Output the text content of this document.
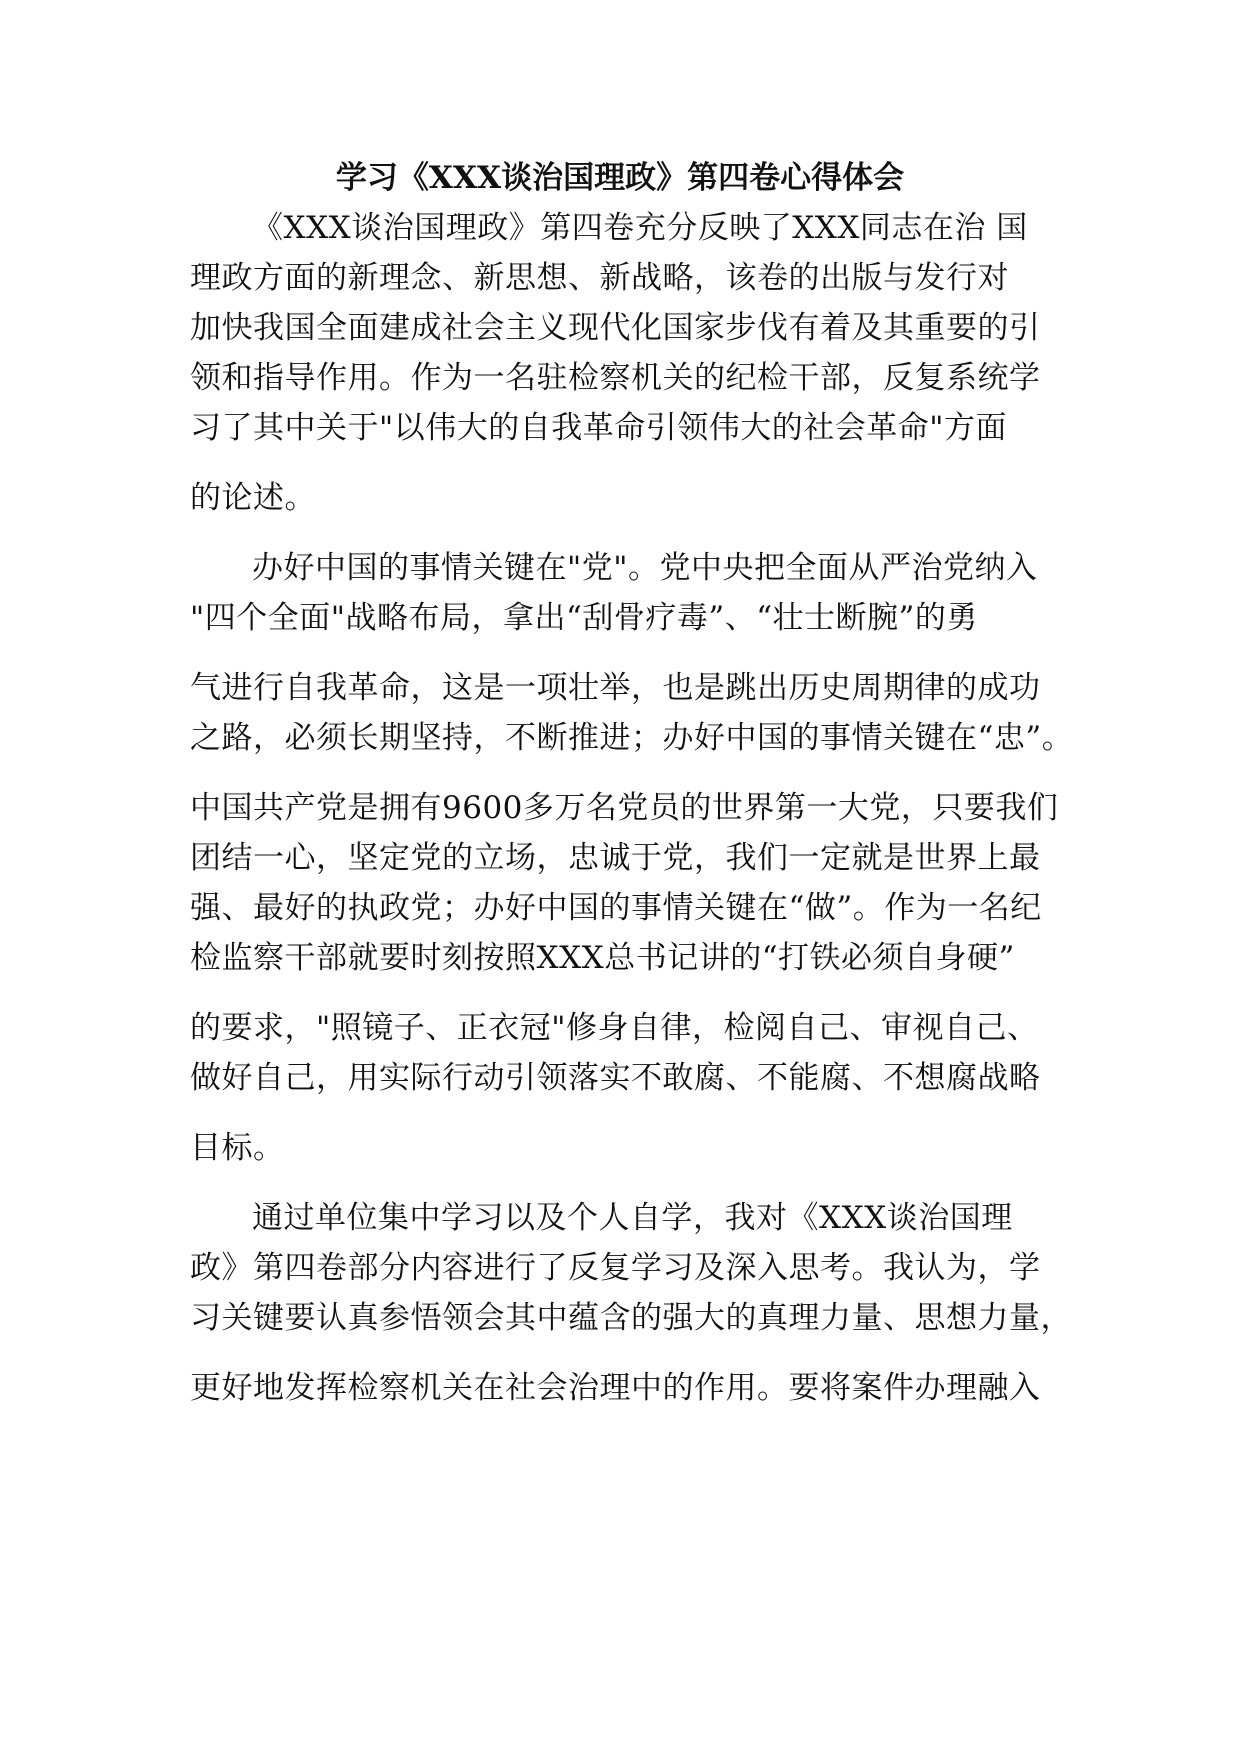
学习《XXX谈治国理政》第四卷心得体会
《XXX谈治国理政》第四卷充分反映了XXX同志在治 国
理政方面的新理念、新思想、新战略，该卷的出版与发行对
加快我国全面建成社会主义现代化国家步伐有着及其重要的引
领和指导作用。作为一名驻检察机关的纪检干部，反复系统学
习了其中关于"以伟大的自我革命引领伟大的社会革命"方面
的论述。
办好中国的事情关键在"党"。党中央把全面从严治党纳入
"四个全面"战略布局，拿出“刮骨疗毒”、“壮士断腕”的勇
气进行自我革命，这是一项壮举，也是跳出历史周期律的成功
之路，必须长期坚持，不断推进；办好中国的事情关键在“忠”。
中国共产党是拥有9600多万名党员的世界第一大党，只要我们
团结一心，坚定党的立场，忠诚于党，我们一定就是世界上最
强、最好的执政党；办好中国的事情关键在“做”。作为一名纪
检监察干部就要时刻按照XXX总书记讲的“打铁必须自身硬”
的要求，"照镜子、正衣冠"修身自律，检阅自己、审视自己、
做好自己，用实际行动引领落实不敢腐、不能腐、不想腐战略
目标。
通过单位集中学习以及个人自学，我对《XXX谈治国理
政》第四卷部分内容进行了反复学习及深入思考。我认为，学
习关键要认真参悟领会其中蕴含的强大的真理力量、思想力量，
更好地发挥检察机关在社会治理中的作用。要将案件办理融入
